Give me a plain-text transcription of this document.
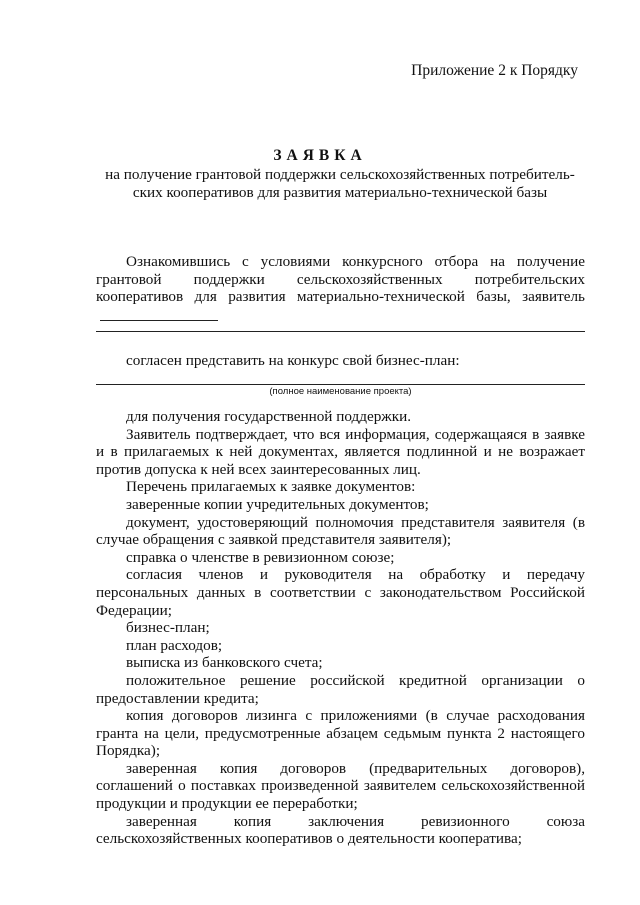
Приложение 2 к Порядку
ЗАЯВКА
на получение грантовой поддержки сельскохозяйственных потребитель-ских кооперативов для развития материально-технической базы
Ознакомившись с условиями конкурсного отбора на получение грантовой поддержки сельскохозяйственных потребительских кооперативов для развития материально-технической базы, заявитель
согласен представить на конкурс свой бизнес-план:
(полное наименование проекта)

для получения государственной поддержки.

Заявитель подтверждает, что вся информация, содержащаяся в заявке и в прилагаемых к ней документах, является подлинной и не возражает против допуска к ней всех заинтересованных лиц.

Перечень прилагаемых к заявке документов:

заверенные копии учредительных документов;

документ, удостоверяющий полномочия представителя заявителя (в случае обращения с заявкой представителя заявителя);

справка о членстве в ревизионном союзе;

согласия членов и руководителя на обработку и передачу персональных данных в соответствии с законодательством Российской Федерации;

бизнес-план;

план расходов;

выписка из банковского счета;

положительное решение российской кредитной организации о предоставлении кредита;

копия договоров лизинга с приложениями (в случае расходования гранта на цели, предусмотренные абзацем седьмым пункта 2 настоящего Порядка);

заверенная копия договоров (предварительных договоров), соглашений о поставках произведенной заявителем сельскохозяйственной продукции и продукции ее переработки;

заверенная копия заключения ревизионного союза сельскохозяйственных кооперативов о деятельности кооператива;
